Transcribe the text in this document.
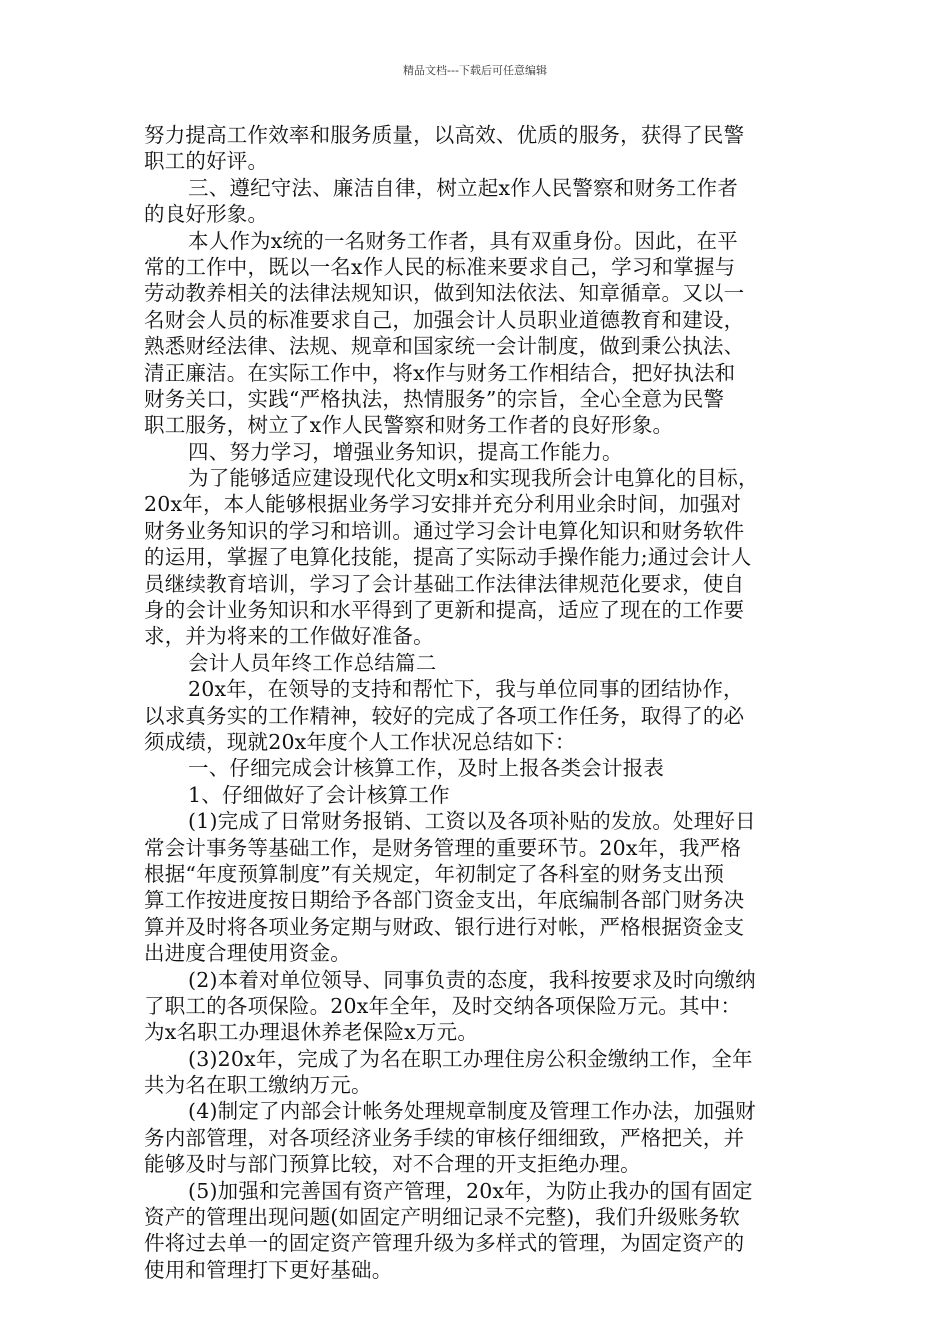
精品文档---下载后可任意编辑
努力提高工作效率和服务质量，以高效、优质的服务，获得了民警
职工的好评。
三、遵纪守法、廉洁自律，树立起x作人民警察和财务工作者
的良好形象。
本人作为x统的一名财务工作者，具有双重身份。因此，在平
常的工作中，既以一名x作人民的标准来要求自己，学习和掌握与
劳动教养相关的法律法规知识，做到知法依法、知章循章。又以一
名财会人员的标准要求自己，加强会计人员职业道德教育和建设，
熟悉财经法律、法规、规章和国家统一会计制度，做到秉公执法、
清正廉洁。在实际工作中，将x作与财务工作相结合，把好执法和
财务关口，实践“严格执法，热情服务”的宗旨，全心全意为民警
职工服务，树立了x作人民警察和财务工作者的良好形象。
四、努力学习，增强业务知识，提高工作能力。
为了能够适应建设现代化文明x和实现我所会计电算化的目标，
20x年，本人能够根据业务学习安排并充分利用业余时间，加强对
财务业务知识的学习和培训。通过学习会计电算化知识和财务软件
的运用，掌握了电算化技能，提高了实际动手操作能力;通过会计人
员继续教育培训，学习了会计基础工作法律法律规范化要求，使自
身的会计业务知识和水平得到了更新和提高，适应了现在的工作要
求，并为将来的工作做好准备。
会计人员年终工作总结篇二
20x年，在领导的支持和帮忙下，我与单位同事的团结协作，
以求真务实的工作精神，较好的完成了各项工作任务，取得了的必
须成绩，现就20x年度个人工作状况总结如下：
一、仔细完成会计核算工作，及时上报各类会计报表
1、仔细做好了会计核算工作
(1)完成了日常财务报销、工资以及各项补贴的发放。处理好日
常会计事务等基础工作，是财务管理的重要环节。20x年，我严格
根据“年度预算制度”有关规定，年初制定了各科室的财务支出预
算工作按进度按日期给予各部门资金支出，年底编制各部门财务决
算并及时将各项业务定期与财政、银行进行对帐，严格根据资金支
出进度合理使用资金。
(2)本着对单位领导、同事负责的态度，我科按要求及时向缴纳
了职工的各项保险。20x年全年，及时交纳各项保险万元。其中：
为x名职工办理退休养老保险x万元。
(3)20x年，完成了为名在职工办理住房公积金缴纳工作，全年
共为名在职工缴纳万元。
(4)制定了内部会计帐务处理规章制度及管理工作办法，加强财
务内部管理，对各项经济业务手续的审核仔细细致，严格把关，并
能够及时与部门预算比较，对不合理的开支拒绝办理。
(5)加强和完善国有资产管理，20x年，为防止我办的国有固定
资产的管理出现问题(如固定产明细记录不完整)，我们升级账务软
件将过去单一的固定资产管理升级为多样式的管理，为固定资产的
使用和管理打下更好基础。
